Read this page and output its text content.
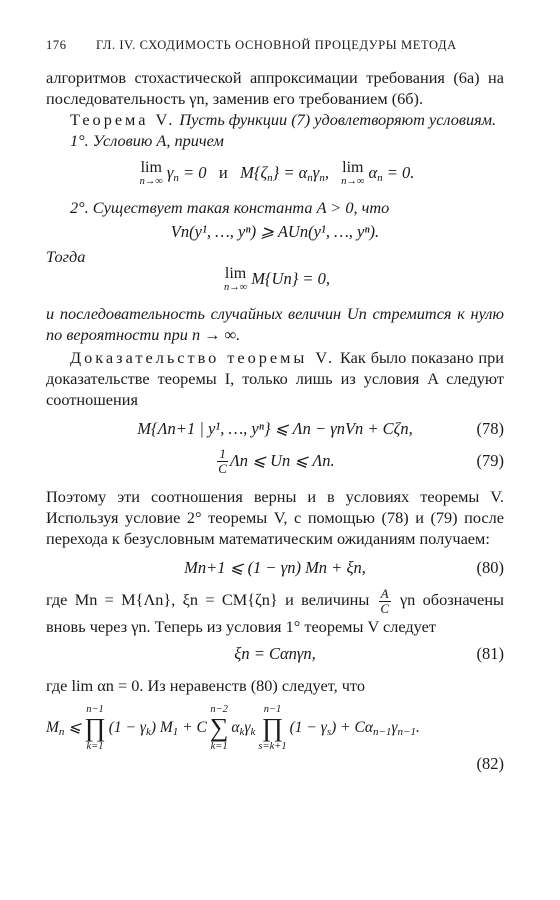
176	ГЛ. IV. СХОДИМОСТЬ ОСНОВНОЙ ПРОЦЕДУРЫ МЕТОДА

алгоритмов стохастической аппроксимации требования (6а) на последовательность γn, заменив его требованием (6б).

Теорема V. Пусть функции (7) удовлетворяют условиям.

1°. Условию A, причем

lim
n→∞ γn = 0   и   M{ζn} = αnγn, lim
n→∞ αn = 0.

2°. Существует такая константа A > 0, что

Vn(y¹, …, yⁿ) ⩾ AUn(y¹, …, yⁿ).

Тогда

lim
n→∞ M{Un} = 0,

и последовательность случайных величин Un стремится к нулю по вероятности при n → ∞.

Доказательство теоремы V. Как было показано при доказательстве теоремы I, только лишь из условия A следуют соотношения

M{Λn+1 | y¹, …, yⁿ} ⩽ Λn − γnVn + Cζn,	(78)
$\frac{1}{C}$ Λn ⩽ Un ⩽ Λn.	(79)

Поэтому эти соотношения верны и в условиях теоремы V. Используя условие 2° теоремы V, с помощью (78) и (79) после перехода к безусловным математическим ожиданиям получаем:

Mn+1 ⩽ (1 − γn) Mn + ξn,	(80)

где Mn = M{Λn}, ξn = CM{ζn} и величины $\frac{A}{C}$ γn обозначены вновь через γn. Теперь из условия 1° теоремы V следует

ξn = Cαnγn,	(81)

где lim αn = 0. Из неравенств (80) следует, что

Mn ⩽
n−1
∏
k=1
(1 − γk) M1 + C
n−2
∑
k=1
αkγk
n−1
∏
s=k+1
(1 − γs) + Cαn−1γn−1.
(82)
